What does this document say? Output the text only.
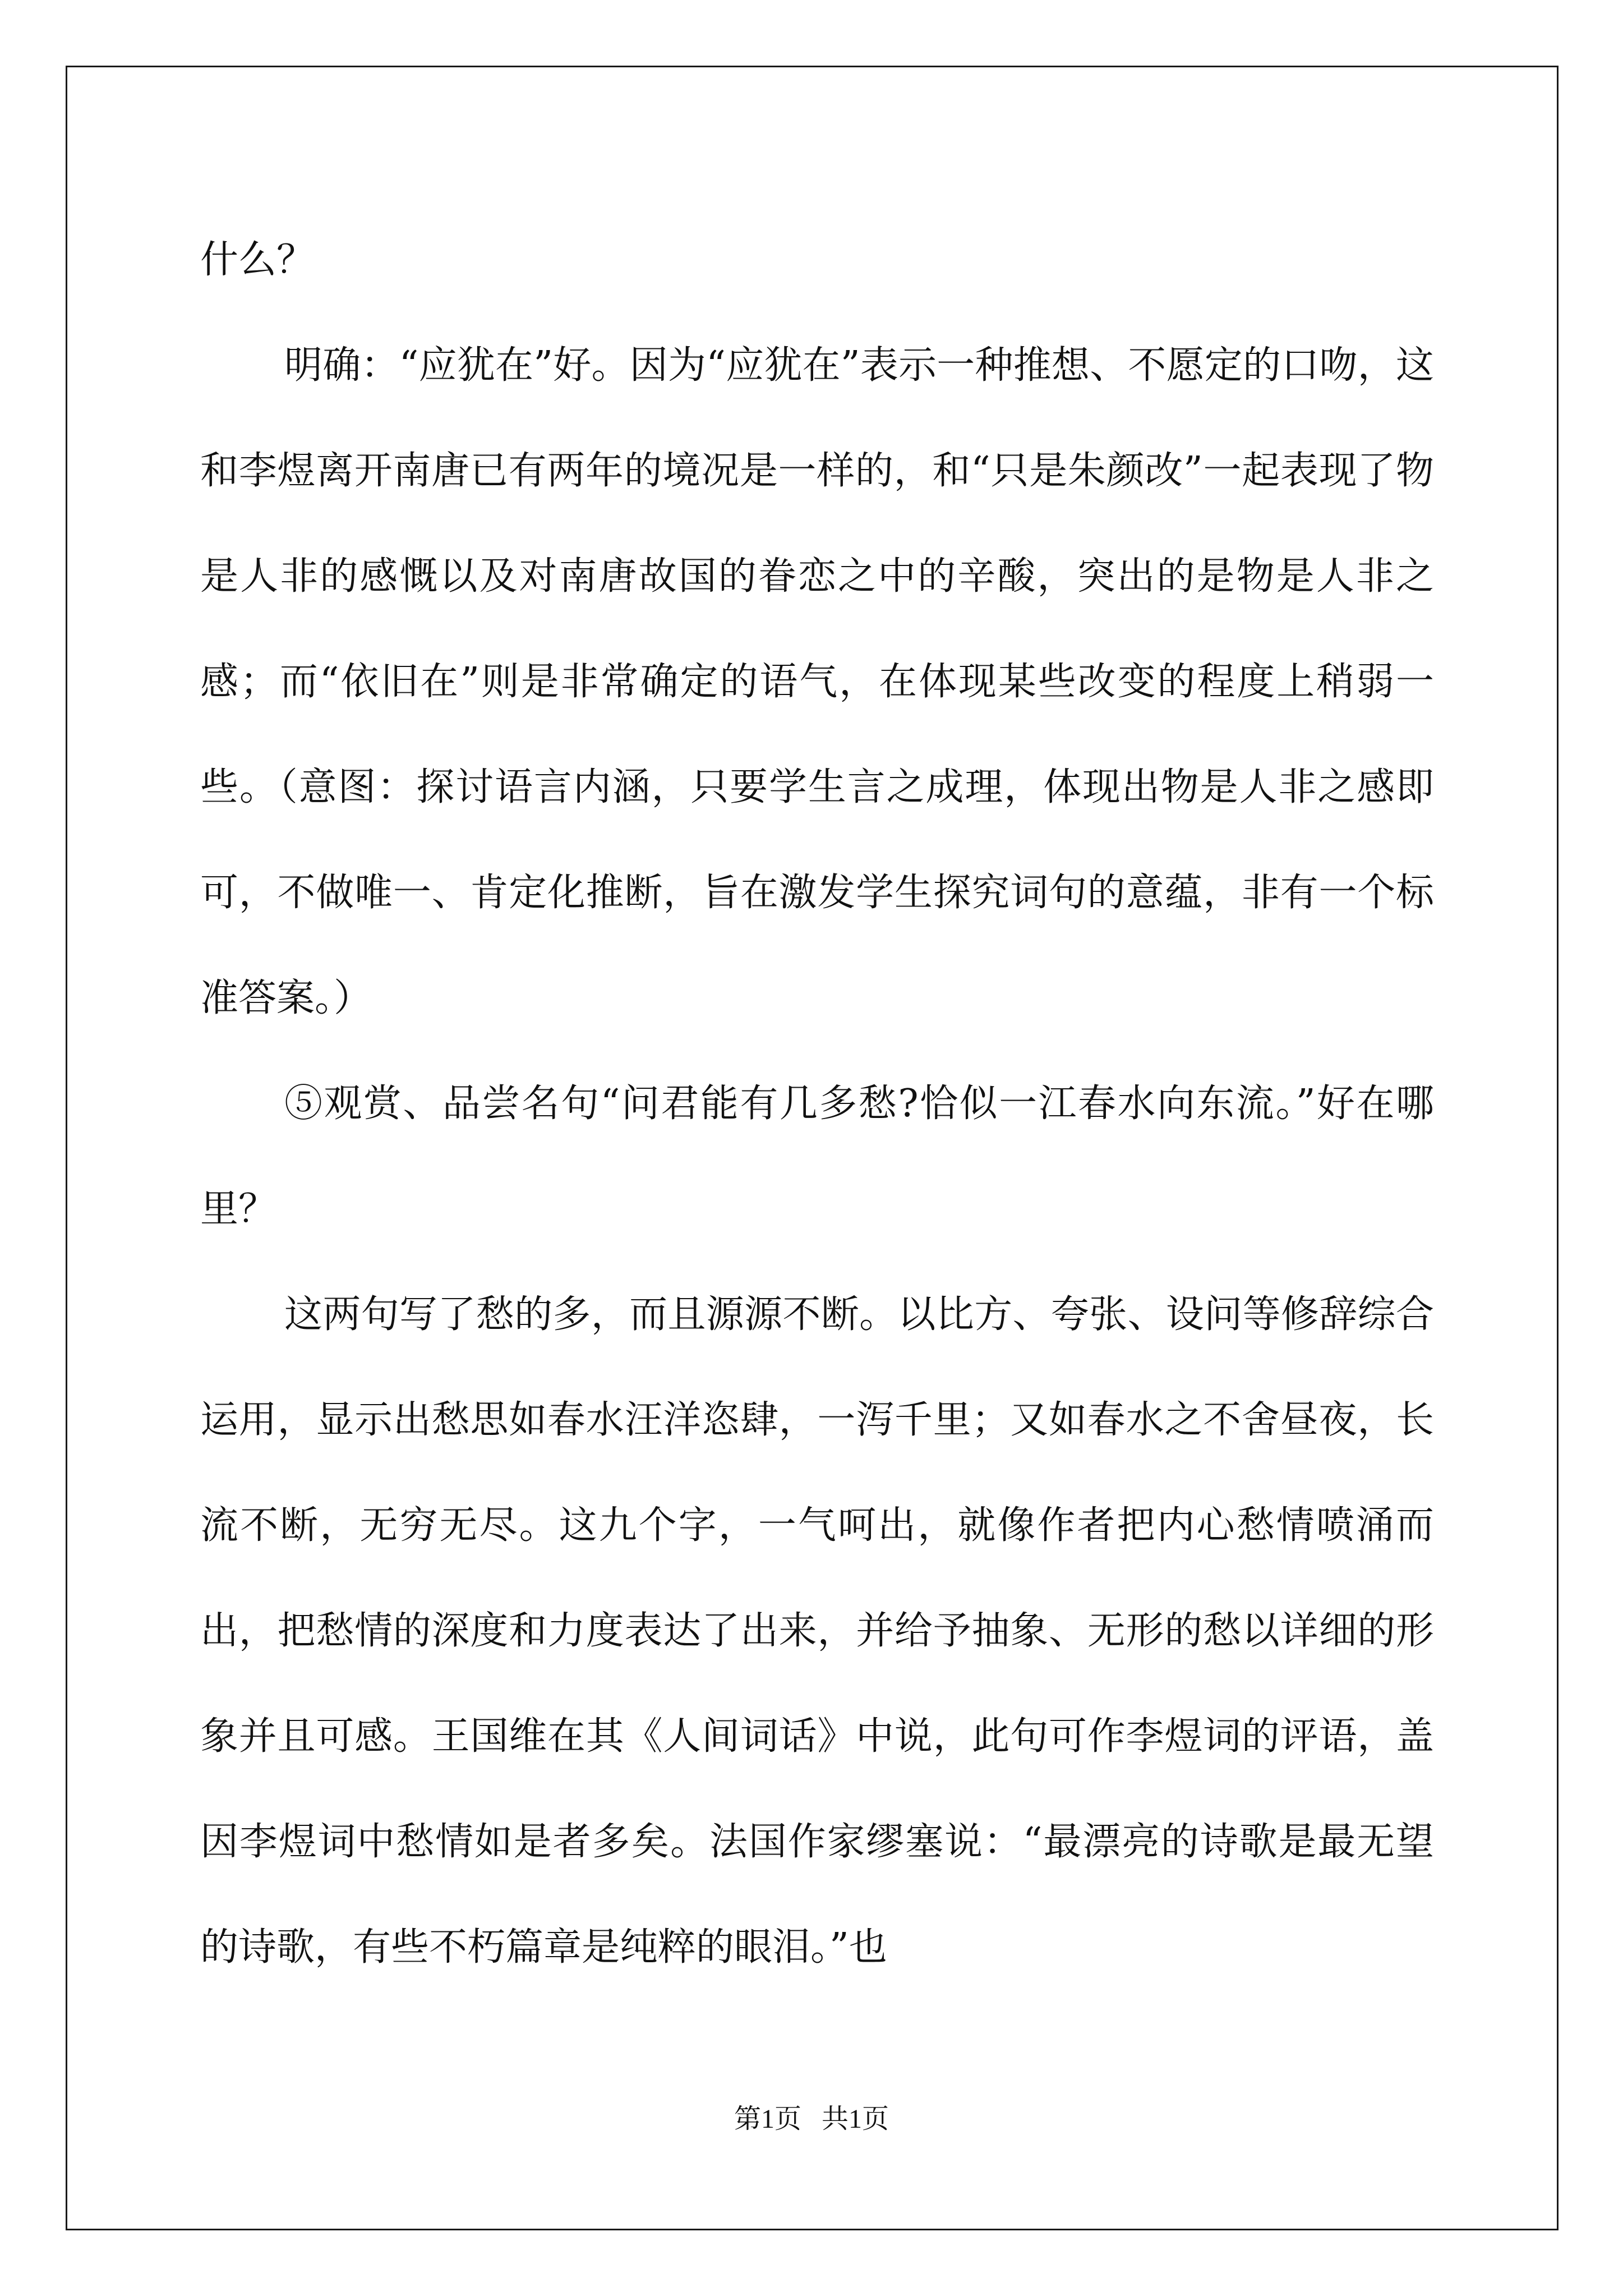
什么？

明确：“应犹在”好。因为“应犹在”表示一种推想、不愿定的口吻，这和李煜离开南唐已有两年的境况是一样的，和“只是朱颜改”一起表现了物是人非的感慨以及对南唐故国的眷恋之中的辛酸，突出的是物是人非之感；而“依旧在”则是非常确定的语气，在体现某些改变的程度上稍弱一些。（意图：探讨语言内涵，只要学生言之成理，体现出物是人非之感即可，不做唯一、肯定化推断，旨在激发学生探究词句的意蕴，非有一个标准答案。）

⑤观赏、品尝名句“问君能有几多愁?恰似一江春水向东流。”好在哪里？

这两句写了愁的多，而且源源不断。以比方、夸张、设问等修辞综合运用，显示出愁思如春水汪洋恣肆，一泻千里；又如春水之不舍昼夜，长流不断，无穷无尽。这九个字，一气呵出，就像作者把内心愁情喷涌而出，把愁情的深度和力度表达了出来，并给予抽象、无形的愁以详细的形象并且可感。王国维在其《人间词话》中说，此句可作李煜词的评语，盖因李煜词中愁情如是者多矣。法国作家缪塞说：“最漂亮的诗歌是最无望的诗歌，有些不朽篇章是纯粹的眼泪。”也

第1页   共1页
